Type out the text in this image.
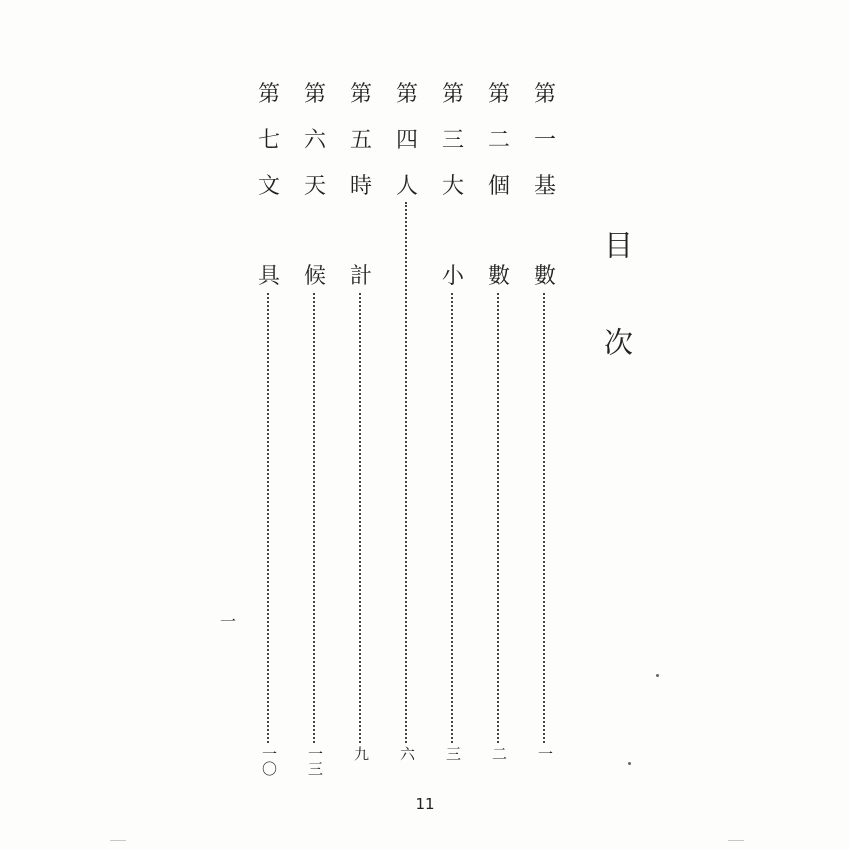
目次
第
一
基
數
一
第
二
個
數
二
第
三
大
小
三
第
四
人
六
第
五
時
計
九
第
六
天
候
一三
第
七
文
具
一〇
一
11
